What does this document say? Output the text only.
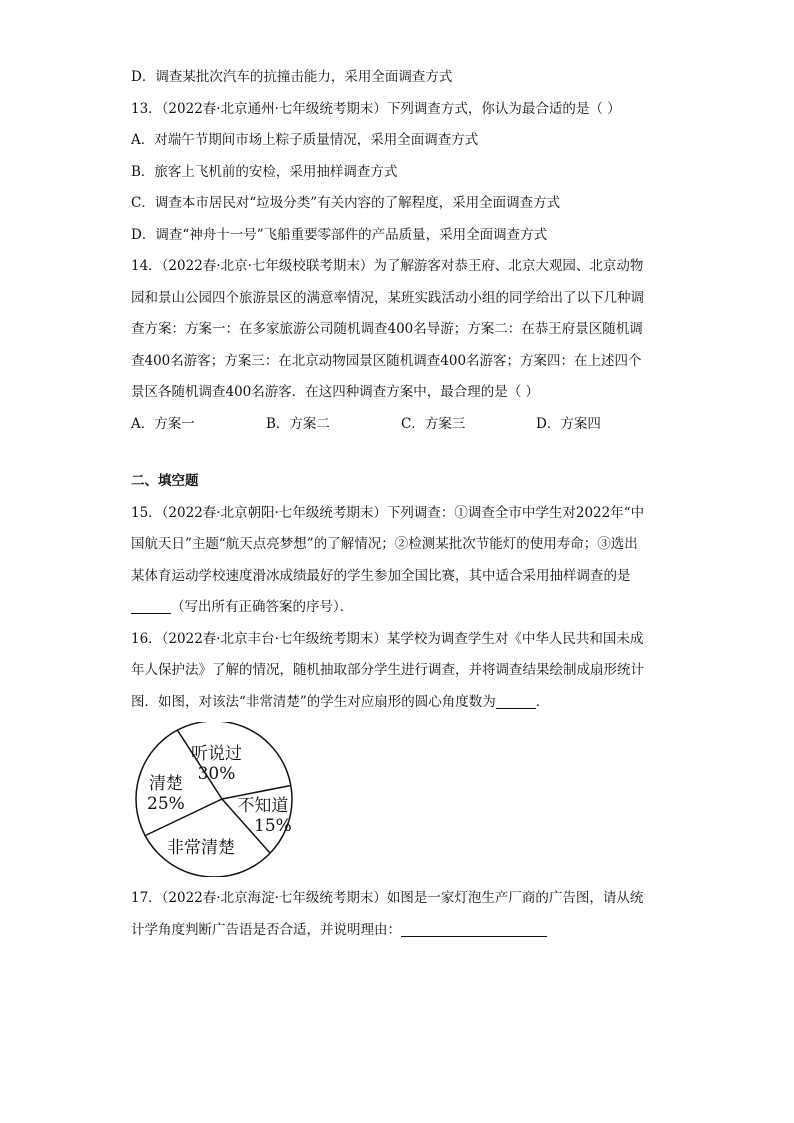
D．调查某批次汽车的抗撞击能力，采用全面调查方式
13．（2022春·北京通州·七年级统考期末）下列调查方式，你认为最合适的是（ ）
A．对端午节期间市场上粽子质量情况，采用全面调查方式
B．旅客上飞机前的安检，采用抽样调查方式
C．调查本市居民对“垃圾分类”有关内容的了解程度，采用全面调查方式
D．调查“神舟十一号”飞船重要零部件的产品质量，采用全面调查方式
14．（2022春·北京·七年级校联考期末）为了解游客对恭王府、北京大观园、北京动物
园和景山公园四个旅游景区的满意率情况，某班实践活动小组的同学给出了以下几种调
查方案：方案一：在多家旅游公司随机调查400名导游；方案二：在恭王府景区随机调
查400名游客；方案三：在北京动物园景区随机调查400名游客；方案四：在上述四个
景区各随机调查400名游客．在这四种调查方案中，最合理的是（ ）
A．方案一	B．方案二	C．方案三	D．方案四
二、填空题
15．（2022春·北京朝阳·七年级统考期末）下列调查：①调查全市中学生对2022年“中
国航天日”主题“航天点亮梦想”的了解情况；②检测某批次节能灯的使用寿命；③选出
某体育运动学校速度滑冰成绩最好的学生参加全国比赛，其中适合采用抽样调查的是
（写出所有正确答案的序号）．
16．（2022春·北京丰台·七年级统考期末）某学校为调查学生对《中华人民共和国未成
年人保护法》了解的情况，随机抽取部分学生进行调查，并将调查结果绘制成扇形统计
图．如图，对该法“非常清楚”的学生对应扇形的圆心角度数为	．
听说过
30%
不知道
15%
非常清楚
清楚
25%
17．（2022春·北京海淀·七年级统考期末）如图是一家灯泡生产厂商的广告图，请从统
计学角度判断广告语是否合适，并说明理由：
